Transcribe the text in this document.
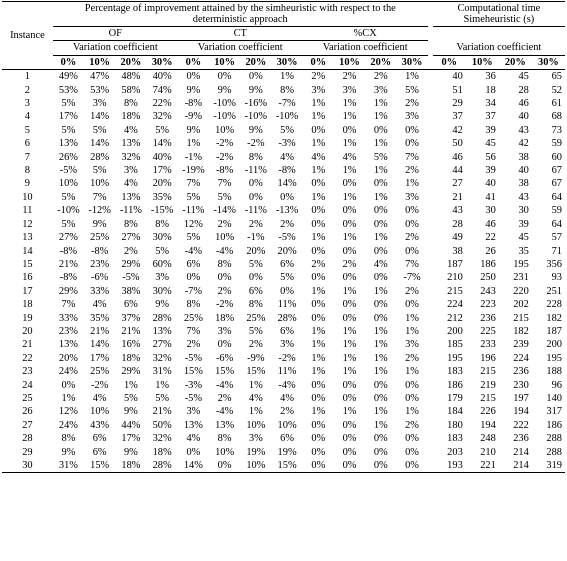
Instance	Percentage of improvement attained by the simheuristic with respect to the deterministic approach													Computational time Simeheuristic (s)			
	OF				CT				%CX								
	Variation coefficient				Variation coefficient				Variation coefficient					Variation coefficient			
	0%	10%	20%	30%	0%	10%	20%	30%	0%	10%	20%	30%		0%	10%	20%	30%
1	49%	47%	48%	40%	0%	0%	0%	1%	2%	2%	2%	1%		40	36	45	65
2	53%	53%	58%	74%	9%	9%	9%	8%	3%	3%	3%	5%		51	18	28	52
3	5%	3%	8%	22%	-8%	-10%	-16%	-7%	1%	1%	1%	2%		29	34	46	61
4	17%	14%	18%	32%	-9%	-10%	-10%	-10%	1%	1%	1%	3%		37	37	40	68
5	5%	5%	4%	5%	9%	10%	9%	5%	0%	0%	0%	0%		42	39	43	73
6	13%	14%	13%	14%	1%	-2%	-2%	-3%	1%	1%	1%	0%		50	45	42	59
7	26%	28%	32%	40%	-1%	-2%	8%	4%	4%	4%	5%	7%		46	56	38	60
8	-5%	5%	3%	17%	-19%	-8%	-11%	-8%	1%	1%	1%	2%		44	39	40	67
9	10%	10%	4%	20%	7%	7%	0%	14%	0%	0%	0%	1%		27	40	38	67
10	5%	7%	13%	35%	5%	5%	0%	0%	1%	1%	1%	3%		21	41	43	64
11	-10%	-12%	-11%	-15%	-11%	-14%	-11%	-13%	0%	0%	0%	0%		43	30	30	59
12	5%	9%	8%	8%	12%	2%	2%	2%	0%	0%	0%	0%		28	46	39	64
13	27%	25%	27%	30%	5%	10%	-1%	-5%	1%	1%	1%	2%		49	22	45	57
14	-8%	-8%	2%	5%	-4%	-4%	20%	20%	0%	0%	0%	0%		38	26	35	71
15	21%	23%	29%	60%	6%	8%	5%	6%	2%	2%	4%	7%		187	186	195	356
16	-8%	-6%	-5%	3%	0%	0%	0%	5%	0%	0%	0%	-7%		210	250	231	93
17	29%	33%	38%	30%	-7%	2%	6%	0%	1%	1%	1%	2%		215	243	220	251
18	7%	4%	6%	9%	8%	-2%	8%	11%	0%	0%	0%	0%		224	223	202	228
19	33%	35%	37%	28%	25%	18%	25%	28%	0%	0%	0%	1%		212	236	215	182
20	23%	21%	21%	13%	7%	3%	5%	6%	1%	1%	1%	1%		200	225	182	187
21	13%	14%	16%	27%	2%	0%	2%	3%	1%	1%	1%	3%		185	233	239	200
22	20%	17%	18%	32%	-5%	-6%	-9%	-2%	1%	1%	1%	2%		195	196	224	195
23	24%	25%	29%	31%	15%	15%	15%	11%	1%	1%	1%	1%		183	215	236	188
24	0%	-2%	1%	1%	-3%	-4%	1%	-4%	0%	0%	0%	0%		186	219	230	96
25	1%	4%	5%	5%	-5%	2%	4%	4%	0%	0%	0%	0%		179	215	197	140
26	12%	10%	9%	21%	3%	-4%	1%	2%	1%	1%	1%	1%		184	226	194	317
27	24%	43%	44%	50%	13%	13%	10%	10%	0%	0%	1%	2%		180	194	222	186
28	8%	6%	17%	32%	4%	8%	3%	6%	0%	0%	0%	0%		183	248	236	288
29	9%	6%	9%	18%	0%	10%	19%	19%	0%	0%	0%	0%		203	210	214	288
30	31%	15%	18%	28%	14%	0%	10%	15%	0%	0%	0%	0%		193	221	214	319
